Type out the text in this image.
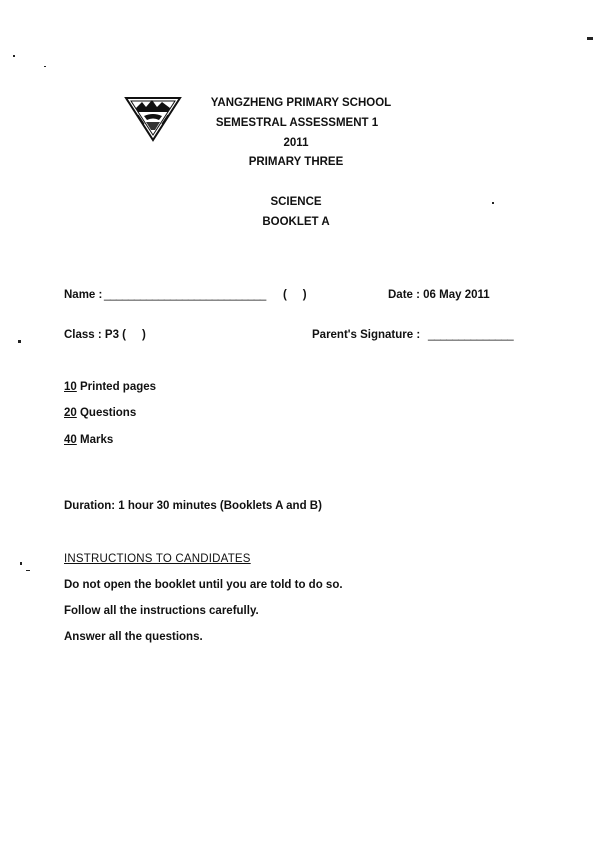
YANGZHENG PRIMARY SCHOOL
SEMESTRAL ASSESSMENT 1
2011
PRIMARY THREE
SCIENCE
BOOKLET A
Name : ___________________________ (     )	Date : 06 May 2011
Class : P3 (     )	Parent's Signature : ______________
10 Printed pages
20 Questions
40 Marks
Duration: 1 hour 30 minutes (Booklets A and B)
INSTRUCTIONS TO CANDIDATES
Do not open the booklet until you are told to do so.
Follow all the instructions carefully.
Answer all the questions.
